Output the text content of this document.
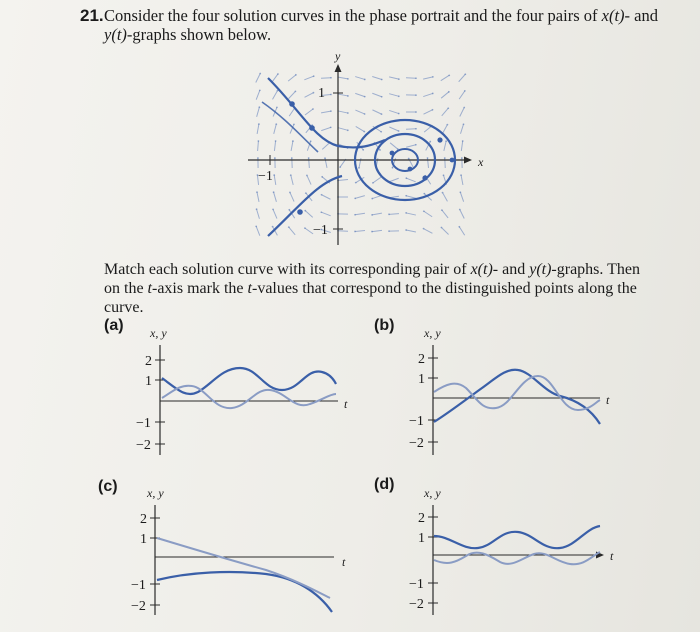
21. Consider the four solution curves in the phase portrait and the four pairs of x(t)- and y(t)-graphs shown below.
x
y
1
−1
−1
Match each solution curve with its corresponding pair of x(t)- and y(t)-graphs. Then on the t-axis mark the t-values that correspond to the distinguished points along the curve.
(a)	(b)
(c)	(d)
x, y
t
2
1
−1
−2
x, y
t
2
1
−1
−2
x, y
t
2
1
−1
−2
x, y
t
2
1
−1
−2
